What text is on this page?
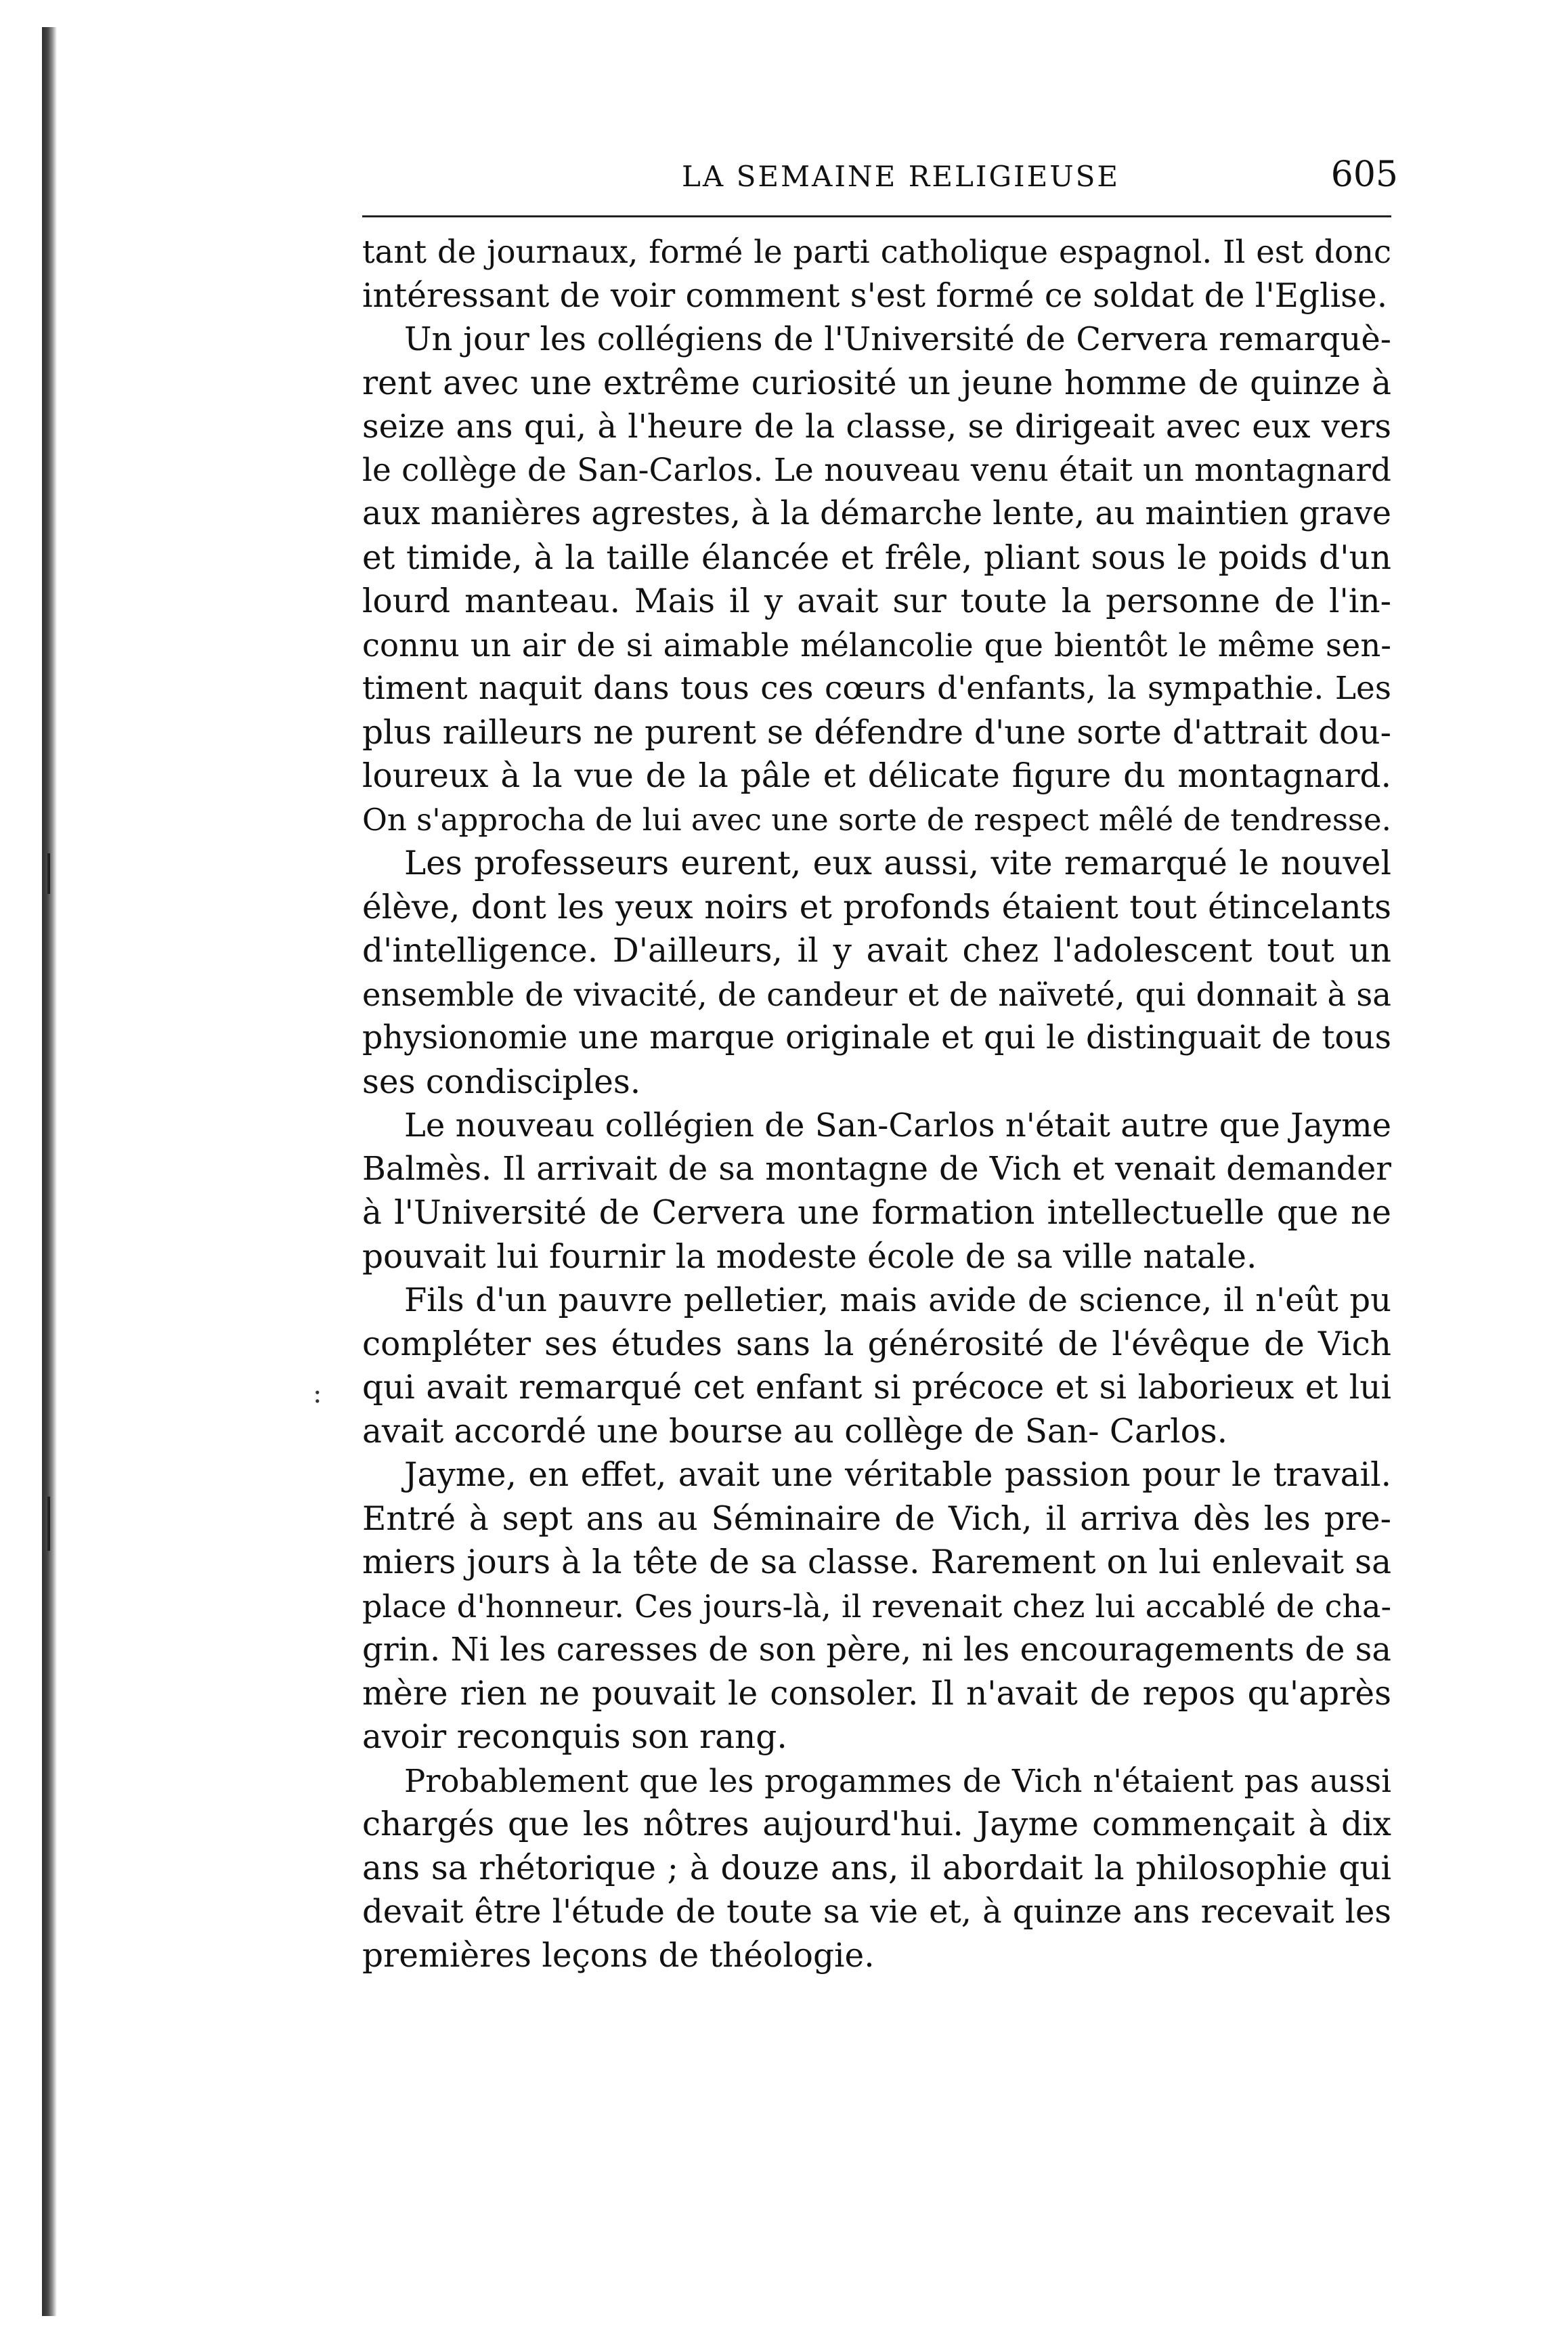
LA SEMAINE RELIGIEUSE	605
:
tant de journaux, formé le parti catholique espagnol. Il est donc
intéressant de voir comment s'est formé ce soldat de l'Eglise.
Un jour les collégiens de l'Université de Cervera remarquè-
rent avec une extrême curiosité un jeune homme de quinze à
seize ans qui, à l'heure de la classe, se dirigeait avec eux vers
le collège de San-Carlos. Le nouveau venu était un montagnard
aux manières agrestes, à la démarche lente, au maintien grave
et timide, à la taille élancée et frêle, pliant sous le poids d'un
lourd manteau. Mais il y avait sur toute la personne de l'in-
connu un air de si aimable mélancolie que bientôt le même sen-
timent naquit dans tous ces cœurs d'enfants, la sympathie. Les
plus railleurs ne purent se défendre d'une sorte d'attrait dou-
loureux à la vue de la pâle et délicate figure du montagnard.
On s'approcha de lui avec une sorte de respect mêlé de tendresse.
Les professeurs eurent, eux aussi, vite remarqué le nouvel
élève, dont les yeux noirs et profonds étaient tout étincelants
d'intelligence. D'ailleurs, il y avait chez l'adolescent tout un
ensemble de vivacité, de candeur et de naïveté, qui donnait à sa
physionomie une marque originale et qui le distinguait de tous
ses condisciples.
Le nouveau collégien de San-Carlos n'était autre que Jayme
Balmès. Il arrivait de sa montagne de Vich et venait demander
à l'Université de Cervera une formation intellectuelle que ne
pouvait lui fournir la modeste école de sa ville natale.
Fils d'un pauvre pelletier, mais avide de science, il n'eût pu
compléter ses études sans la générosité de l'évêque de Vich
qui avait remarqué cet enfant si précoce et si laborieux et lui
avait accordé une bourse au collège de San- Carlos.
Jayme, en effet, avait une véritable passion pour le travail.
Entré à sept ans au Séminaire de Vich, il arriva dès les pre-
miers jours à la tête de sa classe. Rarement on lui enlevait sa
place d'honneur. Ces jours-là, il revenait chez lui accablé de cha-
grin. Ni les caresses de son père, ni les encouragements de sa
mère rien ne pouvait le consoler. Il n'avait de repos qu'après
avoir reconquis son rang.
Probablement que les progammes de Vich n'étaient pas aussi
chargés que les nôtres aujourd'hui. Jayme commençait à dix
ans sa rhétorique ; à douze ans, il abordait la philosophie qui
devait être l'étude de toute sa vie et, à quinze ans recevait les
premières leçons de théologie.
